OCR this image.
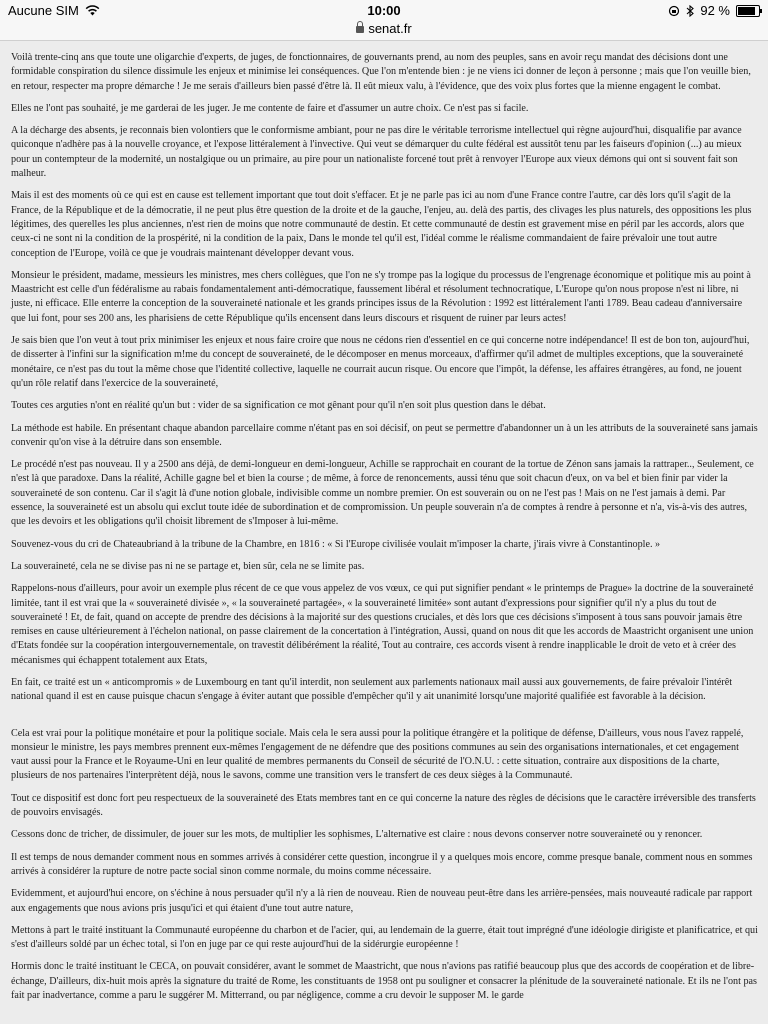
Aucune SIM	10:00	92 %
senat.fr

Voilà trente-cinq ans que toute une oligarchie d'experts, de juges, de fonctionnaires, de gouvernants prend, au nom des peuples, sans en avoir reçu mandat des décisions dont une formidable conspiration du silence dissimule les enjeux et minimise lei conséquences. Que l'on m'entende bien : je ne viens ici donner de leçon à personne ; mais que l'on veuille bien, en retour, respecter ma propre démarche ! Je me serais d'ailleurs bien passé d'être là. Il eût mieux valu, à l'évidence, que des voix plus fortes que la mienne engagent le combat.

Elles ne l'ont pas souhaité, je me garderai de les juger. Je me contente de faire et d'assumer un autre choix. Ce n'est pas si facile.

A la décharge des absents, je reconnais bien volontiers que le conformisme ambiant, pour ne pas dire le véritable terrorisme intellectuel qui règne aujourd'hui, disqualifie par avance quiconque n'adhère pas à la nouvelle croyance, et l'expose littéralement à l'invective. Qui veut se démarquer du culte fédéral est aussitôt tenu par les faiseurs d'opinion (...) au mieux pour un contempteur de la modernité, un nostalgique ou un primaire, au pire pour un nationaliste forcené tout prêt à renvoyer l'Europe aux vieux démons qui ont si souvent fait son malheur.

Mais il est des moments où ce qui est en cause est tellement important que tout doit s'effacer. Et je ne parle pas ici au nom d'une France contre l'autre, car dès lors qu'il s'agit de la France, de la République et de la démocratie, il ne peut plus être question de la droite et de la gauche, l'enjeu, au. delà des partis, des clivages les plus naturels, des oppositions les plus légitimes, des querelles les plus anciennes, n'est rien de moins que notre communauté de destin. Et cette communauté de destin est gravement mise en péril par les accords, alors que ceux-ci ne sont ni la condition de la prospérité, ni la condition de la paix, Dans le monde tel qu'il est, l'idéal comme le réalisme commandaient de faire prévaloir une tout autre conception de l'Europe, voilà ce que je voudrais maintenant développer devant vous.

Monsieur le président, madame, messieurs les ministres, mes chers collègues, que l'on ne s'y trompe pas la logique du processus de l'engrenage économique et politique mis au point à Maastricht est celle d'un fédéralisme au rabais fondamentalement anti-démocratique, faussement libéral et résolument technocratique, L'Europe qu'on nous propose n'est ni libre, ni juste, ni efficace. Elle enterre la conception de la souveraineté nationale et les grands principes issus de la Révolution : 1992 est littéralement l'anti 1789. Beau cadeau d'anniversaire que lui font, pour ses 200 ans, les pharisiens de cette République qu'ils encensent dans leurs discours et risquent de ruiner par leurs actes!

Je sais bien que l'on veut à tout prix minimiser les enjeux et nous faire croire que nous ne cédons rien d'essentiel en ce qui concerne notre indépendance! Il est de bon ton, aujourd'hui, de disserter à l'infini sur la signification m!me du concept de souveraineté, de le décomposer en menus morceaux, d'affirmer qu'il admet de multiples exceptions, que la souveraineté monétaire, ce n'est pas du tout la même chose que l'identité collective, laquelle ne courrait aucun risque. Ou encore que l'impôt, la défense, les affaires étrangères, au fond, ne jouent qu'un rôle relatif dans l'exercice de la souveraineté,

Toutes ces arguties n'ont en réalité qu'un but : vider de sa signification ce mot gênant pour qu'il n'en soit plus question dans le débat.

La méthode est habile. En présentant chaque abandon parcellaire comme n'étant pas en soi décisif, on peut se permettre d'abandonner un à un les attributs de la souveraineté sans jamais convenir qu'on vise à la détruire dans son ensemble.

Le procédé n'est pas nouveau. Il y a 2500 ans déjà, de demi-longueur en demi-longueur, Achille se rapprochait en courant de la tortue de Zénon sans jamais la rattraper.., Seulement, ce n'est là que paradoxe. Dans la réalité, Achille gagne bel et bien la course ; de même, à force de renoncements, aussi ténu que soit chacun d'eux, on va bel et bien finir par vider la souveraineté de son contenu. Car il s'agit là d'une notion globale, indivisible comme un nombre premier. On est souverain ou on ne l'est pas ! Mais on ne l'est jamais à demi. Par essence, la souveraineté est un absolu qui exclut toute idée de subordination et de compromission. Un peuple souverain n'a de comptes à rendre à personne et n'a, vis-à-vis des autres, que les devoirs et les obligations qu'il choisit librement de s'Imposer à lui-même.

Souvenez-vous du cri de Chateaubriand à la tribune de la Chambre, en 1816 : « Si l'Europe civilisée voulait m'imposer la charte, j'irais vivre à Constantinople. »

La souveraineté, cela ne se divise pas ni ne se partage et, bien sûr, cela ne se limite pas.

Rappelons-nous d'ailleurs, pour avoir un exemple plus récent de ce que vous appelez de vos vœux, ce qui put signifier pendant « le printemps de Prague» la doctrine de la souveraineté limitée, tant il est vrai que la « souveraineté divisée », « la souveraineté partagée», « la souveraineté limitée» sont autant d'expressions pour signifier qu'il n'y a plus du tout de souveraineté ! Et, de fait, quand on accepte de prendre des décisions à la majorité sur des questions cruciales, et dès lors que ces décisions s'imposent à tous sans pouvoir jamais être remises en cause ultérieurement à l'échelon national, on passe clairement de la concertation à l'intégration, Aussi, quand on nous dit que les accords de Maastricht organisent une union d'Etats fondée sur la coopération intergouvernementale, on travestit délibérément la réalité, Tout au contraire, ces accords visent à rendre inapplicable le droit de veto et à créer des mécanismes qui échappent totalement aux Etats,

En fait, ce traité est un « anticompromis » de Luxembourg en tant qu'il interdit, non seulement aux parlements nationaux mail aussi aux gouvernements, de faire prévaloir l'intérêt national quand il est en cause puisque chacun s'engage à éviter autant que possible d'empêcher qu'il y ait unanimité lorsqu'une majorité qualifiée est favorable à la décision.

Cela est vrai pour la politique monétaire et pour la politique sociale. Mais cela le sera aussi pour la politique étrangère et la politique de défense, D'ailleurs, vous nous l'avez rappelé, monsieur le ministre, les pays membres prennent eux-mêmes l'engagement de ne défendre que des positions communes au sein des organisations internationales, et cet engagement vaut aussi pour la France et le Royaume-Uni en leur qualité de membres permanents du Conseil de sécurité de l'O.N.U. : cette situation, contraire aux dispositions de la charte, plusieurs de nos partenaires l'interprètent déjà, nous le savons, comme une transition vers le transfert de ces deux sièges à la Communauté.

Tout ce dispositif est donc fort peu respectueux de la souveraineté des Etats membres tant en ce qui concerne la nature des règles de décisions que le caractère irréversible des transferts de pouvoirs envisagés.

Cessons donc de tricher, de dissimuler, de jouer sur les mots, de multiplier les sophismes, L'alternative est claire : nous devons conserver notre souveraineté ou y renoncer.

Il est temps de nous demander comment nous en sommes arrivés à considérer cette question, incongrue il y a quelques mois encore, comme presque banale, comment nous en sommes arrivés à considérer la rupture de notre pacte social sinon comme normale, du moins comme nécessaire.

Evidemment, et aujourd'hui encore, on s'échine à nous persuader qu'il n'y a là rien de nouveau. Rien de nouveau peut-être dans les arrière-pensées, mais nouveauté radicale par rapport aux engagements que nous avions pris jusqu'ici et qui étaient d'une tout autre nature,

Mettons à part le traité instituant la Communauté européenne du charbon et de l'acier, qui, au lendemain de la guerre, était tout imprégné d'une idéologie dirigiste et planificatrice, et qui s'est d'ailleurs soldé par un échec total, si l'on en juge par ce qui reste aujourd'hui de la sidérurgie européenne !

Hormis donc le traité instituant le CECA, on pouvait considérer, avant le sommet de Maastricht, que nous n'avions pas ratifié beaucoup plus que des accords de coopération et de libre-échange, D'ailleurs, dix-huit mois après la signature du traité de Rome, les constituants de 1958 ont pu souligner et consacrer la plénitude de la souveraineté nationale. Et ils ne l'ont pas fait par inadvertance, comme a paru le suggérer M. Mitterrand, ou par négligence, comme a cru devoir le supposer M. le garde
